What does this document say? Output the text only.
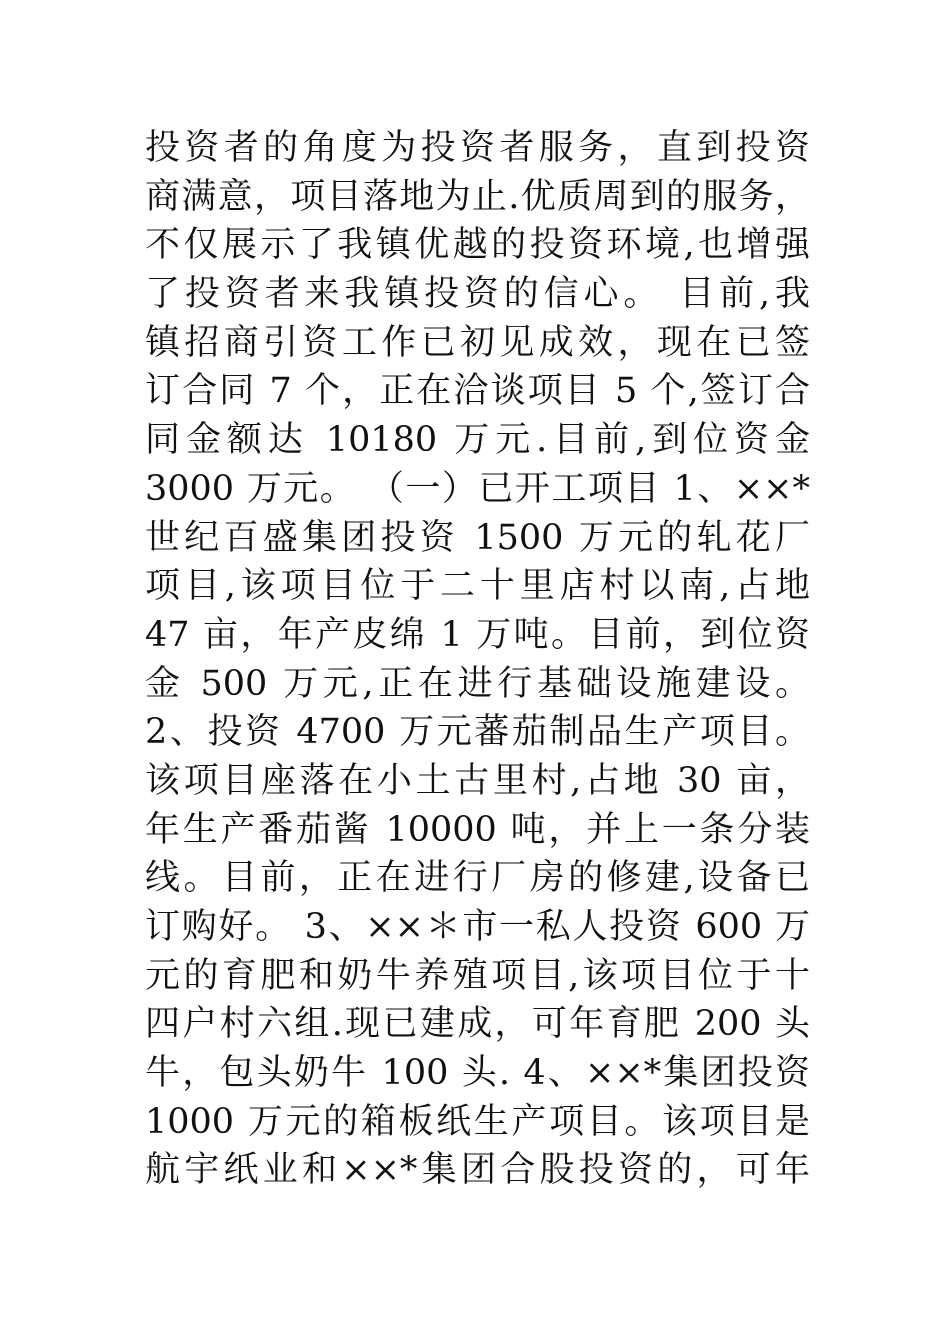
投资者的角度为投资者服务，直到投资
商满意，项目落地为止.优质周到的服务，
不仅展示了我镇优越的投资环境,也增强
了投资者来我镇投资的信心。 目前,我
镇招商引资工作已初见成效，现在已签
订合同 7 个，正在洽谈项目 5 个,签订合
同金额达 10180 万元.目前,到位资金
3000 万元。 （一）已开工项目 1、××*
世纪百盛集团投资 1500 万元的轧花厂
项目,该项目位于二十里店村以南,占地
47 亩，年产皮绵 1 万吨。目前，到位资
金 500 万元,正在进行基础设施建设。
2、投资 4700 万元蕃茄制品生产项目。
该项目座落在小土古里村,占地 30 亩，
年生产番茄酱 10000 吨，并上一条分装
线。目前，正在进行厂房的修建,设备已
订购好。 3、××＊市一私人投资 600 万
元的育肥和奶牛养殖项目,该项目位于十
四户村六组.现已建成，可年育肥 200 头
牛，包头奶牛 100 头. 4、××*集团投资
1000 万元的箱板纸生产项目。该项目是
航宇纸业和××*集团合股投资的，可年
